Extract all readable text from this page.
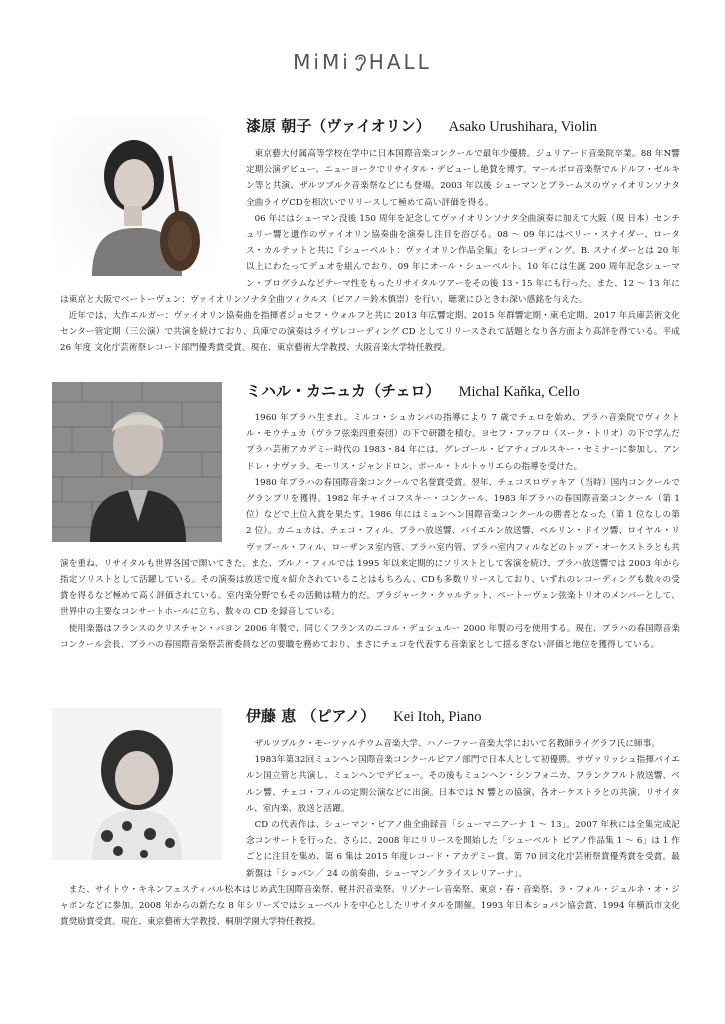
MiMi HALL
漆原 朝子（ヴァイオリン） Asako Urushihara, Violin

東京藝大付属高等学校在学中に日本国際音楽コンクールで最年少優勝。ジュリアード音楽院卒業。88 年N響定期公演デビュー、ニューヨークでリサイタル・デビューし絶賛を博す。マールボロ音楽祭でルドルフ・ゼルキン等と共演、ザルツブルク音楽祭などにも登場。2003 年以後 シューマンとブラームスのヴァイオリンソナタ全曲ライヴCDを相次いでリリースして極めて高い評価を得る。

06 年にはシューマン没後 150 周年を記念してヴァイオリンソナタ全曲演奏に加えて大阪（現 日本）センチュリー響と遺作のヴァイオリン協奏曲を演奏し注目を浴びる。08 ～ 09 年にはベリー・スナイダー、ロータス・カルテットと共に『シューベルト：ヴァイオリン作品全集』をレコーディング。B. スナイダーとは 20 年以上にわたってデュオを組んでおり、09 年にオール・シューベルト、10 年には生誕 200 周年記念シューマン・プログラムなどテーマ性をもったリサイタルツアーをその後 13・15 年にも行った。また、12 ～ 13 年には東京と大阪でベートーヴェン：ヴァイオリンソナタ全曲ツィクルス（ピアノ＝鈴木慎崇）を行い、聴衆にひときわ深い感銘を与えた。

近年では、大作エルガー：ヴァイオリン協奏曲を指揮者ジョセフ・ウォルフと共に 2013 年広響定期、2015 年群響定期・東毛定期、2017 年兵庫芸術文化センター管定期（三公演）で共演を続けており、兵庫での演奏はライヴレコーディング CD としてリリースされて話題となり各方面より高評を得ている。平成 26 年度 文化庁芸術祭レコード部門優秀賞受賞。現在、東京藝術大学教授、大阪音楽大学特任教授。

ミハル・カニュカ（チェロ） Michal Kaňka, Cello

1960 年プラハ生まれ。ミルコ・シュカンパの指導により 7 歳でチェロを始め、プラハ音楽院でヴィクトル・モウチュカ（ヴラフ弦楽四重奏団）の下で研鑽を積む。ヨセフ・フッフロ（スーク・トリオ）の下で学んだプラハ芸術アカデミー時代の 1983・84 年には、グレゴール・ピアティゴルスキー・セミナーに参加し、アンドレ・ナヴァラ、モーリス・ジャンドロン、ポール・トルトゥリエらの指導を受けた。

1980 年プラハの春国際音楽コンクールで名誉賞受賞。翌年、チェコスロヴァキア（当時）国内コンクールでグランプリを獲得。1982 年チャイコフスキー・コンクール、1983 年プラハの春国際音楽コンクール（第 1 位）などで上位入賞を果たす。1986 年にはミュンヘン国際音楽コンクールの勝者となった（第 1 位なしの第 2 位）。カニュカは、チェコ・フィル、プラハ放送響、バイエルン放送響、ベルリン・ドイツ響、ロイヤル・リヴァプール・フィル、ローザンヌ室内管、プラハ室内管、プラハ室内フィルなどのトップ・オーケストラとも共演を重ね、リサイタルも世界各国で開いてきた。また、ブルノ・フィルでは 1995 年以来定期的にソリストとして客演を続け、プラハ放送響では 2003 年から指定ソリストとして活躍している。その演奏は放送で度々紹介されていることはもちろん、CDも多数リリースしており、いずれのレコーディングも数々の受賞を得るなど極めて高く評価されている。室内楽分野でもその活動は精力的だ。プラジャーク・クヮルテット、ベートーヴェン弦楽トリオのメンバーとして、世界中の主要なコンサートホールに立ち、数々の CD を録音している。

使用楽器はフランスのクリスチャン・バヨン 2006 年製で、同じくフランスのニコル・デュシュルー 2000 年製の弓を使用する。現在、プラハの春国際音楽コンクール会長、プラハの春国際音楽祭芸術委員などの要職を務めており、まさにチェコを代表する音楽家として揺るぎない評価と地位を獲得している。

伊藤 恵 （ピアノ） Kei Itoh, Piano

ザルツブルク・モーツァルテウム音楽大学、ハノーファー音楽大学において名教師ライグラフ氏に師事。

1983年第32回ミュンヘン国際音楽コンクールピアノ部門で日本人として初優勝。サヴァリッシュ指揮バイエルン国立管と共演し、ミュンヘンでデビュー。その後もミュンヘン・シンフォニカ、フランクフルト放送響、ベルン響、チェコ・フィルの定期公演などに出演。日本では N 響との協演、各オーケストラとの共演、リサイタル、室内楽、放送と活躍。

CD の代表作は、シューマン・ピアノ曲全曲録音「シューマニアーナ 1 ～ 13」。2007 年秋には全集完成記念コンサートを行った。さらに、2008 年にリリースを開始した「シューベルト ピアノ作品集 1 ～ 6」は 1 作ごとに注目を集め、第 6 集は 2015 年度レコード・アカデミー賞、第 70 回文化庁芸術祭賞優秀賞を受賞。最新盤は「ショパン／ 24 の前奏曲、シューマン／クライスレリアーナ」。

また、サイトウ・キネンフェスティバル松本はじめ武生国際音楽祭、軽井沢音楽祭、リゾナーレ音楽祭、東京・春・音楽祭、ラ・フォル・ジュルネ・オ・ジャポンなどに参加。2008 年からの新たな 8 年シリーズではシューベルトを中心としたリサイタルを開催。1993 年日本ショパン協会賞、1994 年横浜市文化賞奨励賞受賞。現在、東京藝術大学教授、桐朋学園大学特任教授。
